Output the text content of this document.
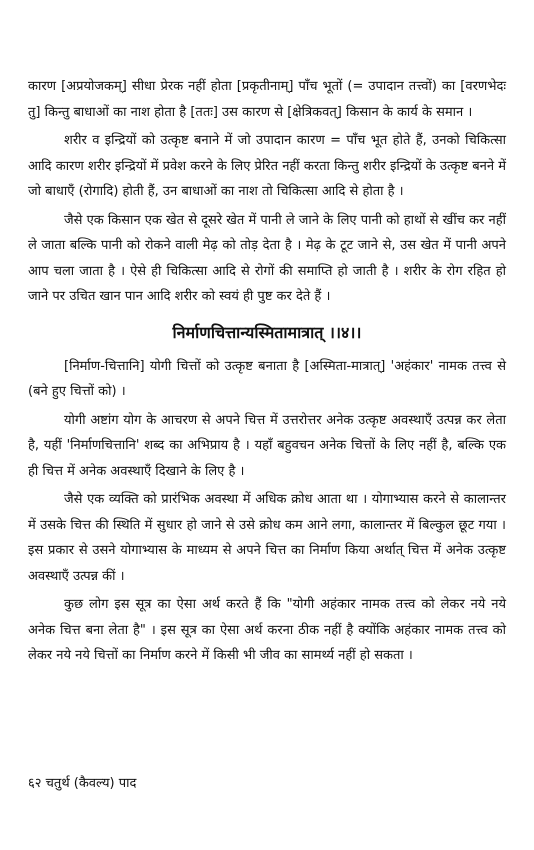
कारण [अप्रयोजकम्] सीधा प्रेरक नहीं होता [प्रकृतीनाम्] पाँच भूतों (= उपादान तत्त्वों) का [वरणभेदः तु] किन्तु बाधाओं का नाश होता है [ततः] उस कारण से [क्षेत्रिकवत्] किसान के कार्य के समान ।

शरीर व इन्द्रियों को उत्कृष्ट बनाने में जो उपादान कारण = पाँच भूत होते हैं, उनको चिकित्सा आदि कारण शरीर इन्द्रियों में प्रवेश करने के लिए प्रेरित नहीं करता किन्तु शरीर इन्द्रियों के उत्कृष्ट बनने में जो बाधाएँ (रोगादि) होती हैं, उन बाधाओं का नाश तो चिकित्सा आदि से होता है ।

जैसे एक किसान एक खेत से दूसरे खेत में पानी ले जाने के लिए पानी को हाथों से खींच कर नहीं ले जाता बल्कि पानी को रोकने वाली मेढ़ को तोड़ देता है । मेढ़ के टूट जाने से, उस खेत में पानी अपने आप चला जाता है । ऐसे ही चिकित्सा आदि से रोगों की समाप्ति हो जाती है । शरीर के रोग रहित हो जाने पर उचित खान पान आदि शरीर को स्वयं ही पुष्ट कर देते हैं ।

निर्माणचित्तान्यस्मितामात्रात् ।।४।।

[निर्माण-चित्तानि] योगी चित्तों को उत्कृष्ट बनाता है [अस्मिता-मात्रात्] 'अहंकार' नामक तत्त्व से (बने हुए चित्तों को) ।

योगी अष्टांग योग के आचरण से अपने चित्त में उत्तरोत्तर अनेक उत्कृष्ट अवस्थाएँ उत्पन्न कर लेता है, यहीं 'निर्माणचित्तानि' शब्द का अभिप्राय है । यहाँ बहुवचन अनेक चित्तों के लिए नहीं है, बल्कि एक ही चित्त में अनेक अवस्थाएँ दिखाने के लिए है ।

जैसे एक व्यक्ति को प्रारंभिक अवस्था में अधिक क्रोध आता था । योगाभ्यास करने से कालान्तर में उसके चित्त की स्थिति में सुधार हो जाने से उसे क्रोध कम आने लगा, कालान्तर में बिल्कुल छूट गया । इस प्रकार से उसने योगाभ्यास के माध्यम से अपने चित्त का निर्माण किया अर्थात् चित्त में अनेक उत्कृष्ट अवस्थाएँ उत्पन्न कीं ।

कुछ लोग इस सूत्र का ऐसा अर्थ करते हैं कि "योगी अहंकार नामक तत्त्व को लेकर नये नये अनेक चित्त बना लेता है" । इस सूत्र का ऐसा अर्थ करना ठीक नहीं है क्योंकि अहंकार नामक तत्त्व को लेकर नये नये चित्तों का निर्माण करने में किसी भी जीव का सामर्थ्य नहीं हो सकता ।

६२ चतुर्थ (कैवल्य) पाद
